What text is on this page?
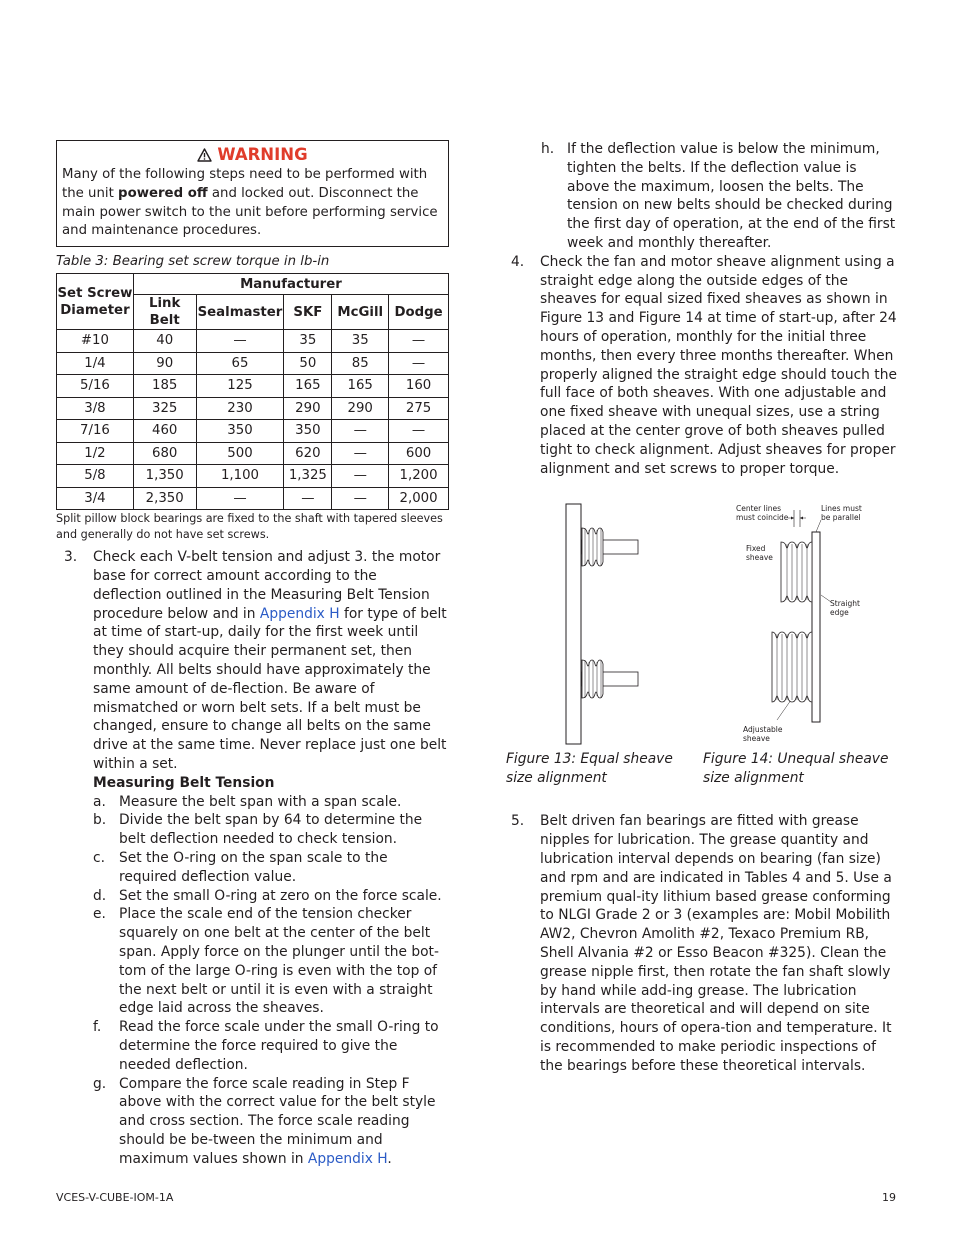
WARNING
Many of the following steps need to be performed with the unit powered off and locked out. Disconnect the main power switch to the unit before performing service and maintenance procedures.
Table 3: Bearing set screw torque in lb-in
Set Screw Diameter	Manufacturer				
	Link Belt	Sealmaster	SKF	McGill	Dodge
#10	40	—	35	35	—
1/4	90	65	50	85	—
5/16	185	125	165	165	160
3/8	325	230	290	290	275
7/16	460	350	350	—	—
1/2	680	500	620	—	600
5/8	1,350	1,100	1,325	—	1,200
3/4	2,350	—	—	—	2,000
Split pillow block bearings are fixed to the shaft with tapered sleeves and generally do not have set screws.
3.	Check each V-belt tension and adjust 3. the motor base for correct amount according to the deflection outlined in the Measuring Belt Tension procedure below and in Appendix H for type of belt at time of start-up, daily for the first week until they should acquire their permanent set, then monthly. All belts should have approximately the same amount of de-flection. Be aware of mismatched or worn belt sets. If a belt must be changed, ensure to change all belts on the same drive at the same time. Never replace just one belt within a set.
Measuring Belt Tension
a. Measure the belt span with a span scale.
b. Divide the belt span by 64 to determine the belt deflection needed to check tension.
c.	Set the O-ring on the span scale to the required deflection value.
d. Set the small O-ring at zero on the force scale.
e. Place the scale end of the tension checker squarely on one belt at the center of the belt span. Apply force on the plunger until the bot-tom of the large O-ring is even with the top of the next belt or until it is even with a straight edge laid across the sheaves.
f.	Read the force scale under the small O-ring to determine the force required to give the needed deflection.
g. Compare the force scale reading in Step F above with the correct value for the belt style and cross section. The force scale reading should be be-tween the minimum and maximum values shown in Appendix H.
h. If the deflection value is below the minimum, tighten the belts. If the deflection value is above the maximum, loosen the belts. The tension on new belts should be checked during the first day of operation, at the end of the first week and monthly thereafter.
4.	Check the fan and motor sheave alignment using a straight edge along the outside edges of the sheaves for equal sized fixed sheaves as shown in Figure 13 and Figure 14 at time of start-up, after 24 hours of operation, monthly for the initial three months, then every three months thereafter. When properly aligned the straight edge should touch the full face of both sheaves. With one adjustable and one fixed sheave with unequal sizes, use a string placed at the center grove of both sheaves pulled tight to check alignment. Adjust sheaves for proper alignment and set screws to proper torque.
Figure 13: Equal sheave size alignment
Center lines must coincide
Lines must be parallel
Fixed sheave
Straight edge
Adjustable sheave
Figure 14: Unequal sheave size alignment
5.	Belt driven fan bearings are fitted with grease nipples for lubrication. The grease quantity and lubrication interval depends on bearing (fan size) and rpm and are indicated in Tables 4 and 5. Use a premium qual-ity lithium based grease conforming to NLGI Grade 2 or 3 (examples are: Mobil Mobilith AW2, Chevron Amolith #2, Texaco Premium RB, Shell Alvania #2 or Esso Beacon #325). Clean the grease nipple first, then rotate the fan shaft slowly by hand while add-ing grease. The lubrication intervals are theoretical and will depend on site conditions, hours of opera-tion and temperature. It is recommended to make periodic inspections of the bearings before these theoretical intervals.
VCES-V-CUBE-IOM-1A	19
